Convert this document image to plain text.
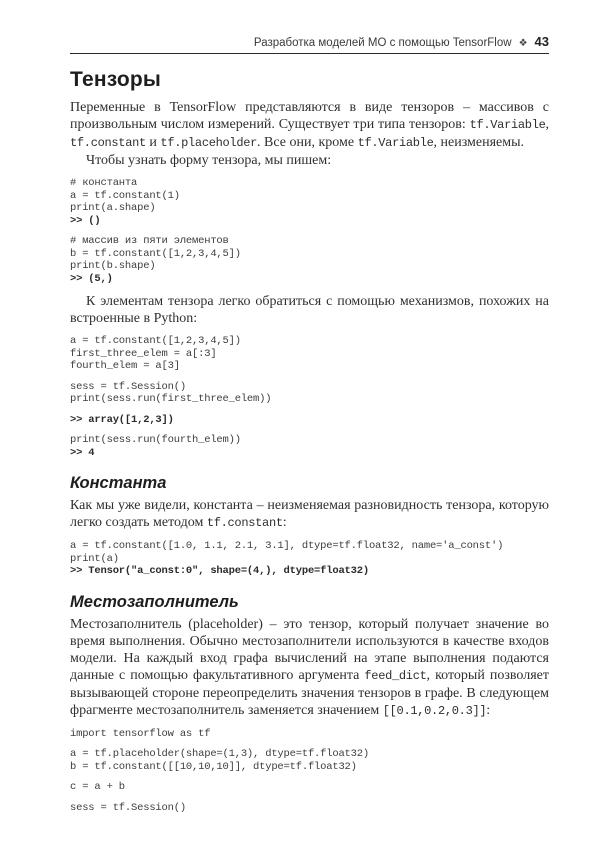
Разработка моделей МО с помощью TensorFlow ❖ 43
Тензоры

Переменные в TensorFlow представляются в виде тензоров – массивов с произвольным числом измерений. Существует три типа тензоров: tf.Variable, tf.constant и tf.placeholder. Все они, кроме tf.Variable, неизменяемы.

Чтобы узнать форму тензора, мы пишем:

# константа
a = tf.constant(1)
print(a.shape)
>> ()
# массив из пяти элементов
b = tf.constant([1,2,3,4,5])
print(b.shape)
>> (5,)

К элементам тензора легко обратиться с помощью механизмов, похожих на встроенные в Python:

a = tf.constant([1,2,3,4,5])
first_three_elem = a[:3]
fourth_elem = a[3]
sess = tf.Session()
print(sess.run(first_three_elem))
>> array([1,2,3])
print(sess.run(fourth_elem))
>> 4
Константа

Как мы уже видели, константа – неизменяемая разновидность тензора, которую легко создать методом tf.constant:

a = tf.constant([1.0, 1.1, 2.1, 3.1], dtype=tf.float32, name='a_const')
print(a)
>> Tensor("a_const:0", shape=(4,), dtype=float32)
Местозаполнитель

Местозаполнитель (placeholder) – это тензор, который получает значение во время выполнения. Обычно местозаполнители используются в качестве входов модели. На каждый вход графа вычислений на этапе выполнения подаются данные с помощью факультативного аргумента feed_dict, который позволяет вызывающей стороне переопределить значения тензоров в графе. В следующем фрагменте местозаполнитель заменяется значением [[0.1,0.2,0.3]]:

import tensorflow as tf
a = tf.placeholder(shape=(1,3), dtype=tf.float32)
b = tf.constant([[10,10,10]], dtype=tf.float32)
c = a + b
sess = tf.Session()
